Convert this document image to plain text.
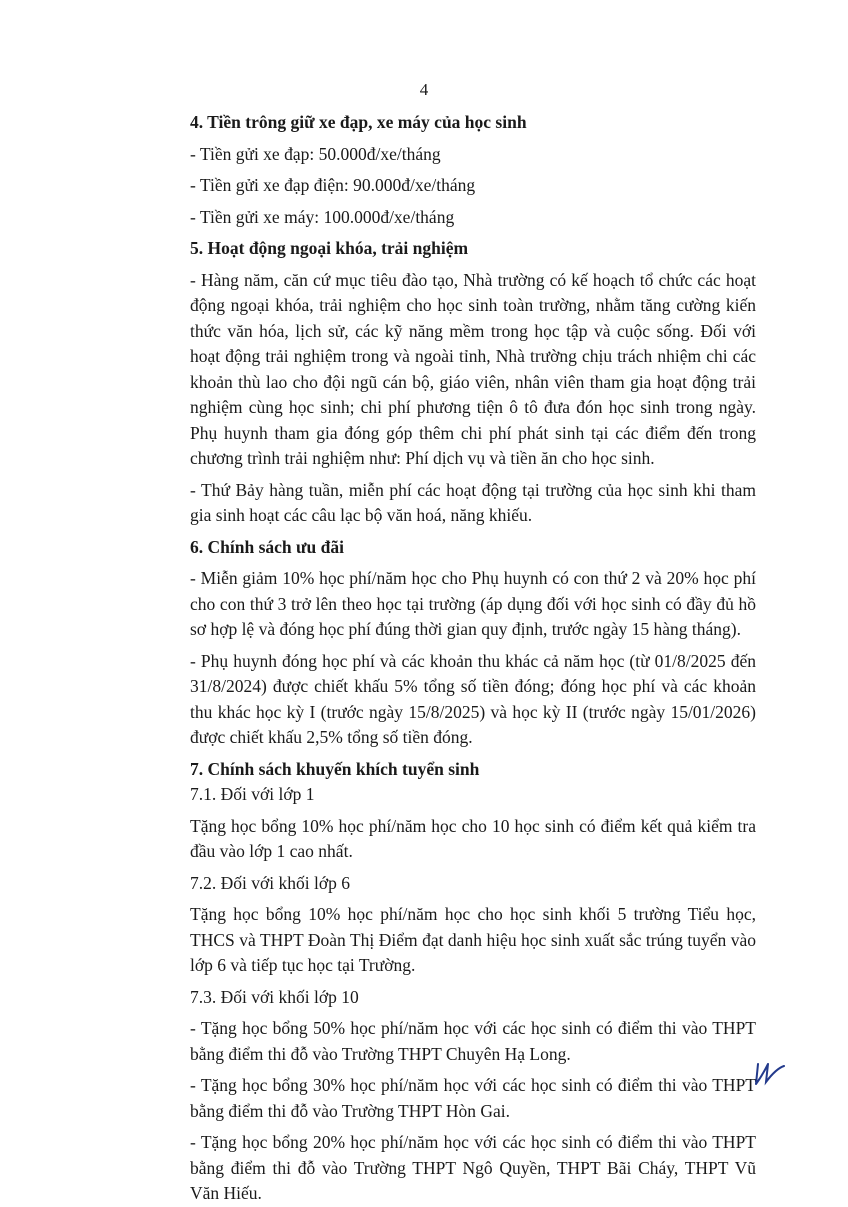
4

4. Tiền trông giữ xe đạp, xe máy của học sinh

- Tiền gửi xe đạp: 50.000đ/xe/tháng

- Tiền gửi xe đạp điện: 90.000đ/xe/tháng

- Tiền gửi xe máy: 100.000đ/xe/tháng

5. Hoạt động ngoại khóa, trải nghiệm

- Hàng năm, căn cứ mục tiêu đào tạo, Nhà trường có kế hoạch tổ chức các hoạt động ngoại khóa, trải nghiệm cho học sinh toàn trường, nhằm tăng cường kiến thức văn hóa, lịch sử, các kỹ năng mềm trong học tập và cuộc sống. Đối với hoạt động trải nghiệm trong và ngoài tỉnh, Nhà trường chịu trách nhiệm chi các khoản thù lao cho đội ngũ cán bộ, giáo viên, nhân viên tham gia hoạt động trải nghiệm cùng học sinh; chi phí phương tiện ô tô đưa đón học sinh trong ngày. Phụ huynh tham gia đóng góp thêm chi phí phát sinh tại các điểm đến trong chương trình trải nghiệm như: Phí dịch vụ và tiền ăn cho học sinh.

- Thứ Bảy hàng tuần, miễn phí các hoạt động tại trường của học sinh khi tham gia sinh hoạt các câu lạc bộ văn hoá, năng khiếu.

6. Chính sách ưu đãi

- Miễn giảm 10% học phí/năm học cho Phụ huynh có con thứ 2 và 20% học phí cho con thứ 3 trở lên theo học tại trường (áp dụng đối với học sinh có đầy đủ hồ sơ hợp lệ và đóng học phí đúng thời gian quy định, trước ngày 15 hàng tháng).

- Phụ huynh đóng học phí và các khoản thu khác cả năm học (từ 01/8/2025 đến 31/8/2024) được chiết khấu 5% tổng số tiền đóng; đóng học phí và các khoản thu khác học kỳ I (trước ngày 15/8/2025) và học kỳ II (trước ngày 15/01/2026) được chiết khấu 2,5% tổng số tiền đóng.

7. Chính sách khuyến khích tuyển sinh

7.1. Đối với lớp 1

Tặng học bổng 10% học phí/năm học cho 10 học sinh có điểm kết quả kiểm tra đầu vào lớp 1 cao nhất.

7.2. Đối với khối lớp 6

Tặng học bổng 10% học phí/năm học cho học sinh khối 5 trường Tiểu học, THCS và THPT Đoàn Thị Điểm đạt danh hiệu học sinh xuất sắc trúng tuyển vào lớp 6 và tiếp tục học tại Trường.

7.3. Đối với khối lớp 10

- Tặng học bổng 50% học phí/năm học với các học sinh có điểm thi vào THPT bằng điểm thi đỗ vào Trường THPT Chuyên Hạ Long.

- Tặng học bổng 30% học phí/năm học với các học sinh có điểm thi vào THPT bằng điểm thi đỗ vào Trường THPT Hòn Gai.

- Tặng học bổng 20% học phí/năm học với các học sinh có điểm thi vào THPT bằng điểm thi đỗ vào Trường THPT Ngô Quyền, THPT Bãi Cháy, THPT Vũ Văn Hiếu.
